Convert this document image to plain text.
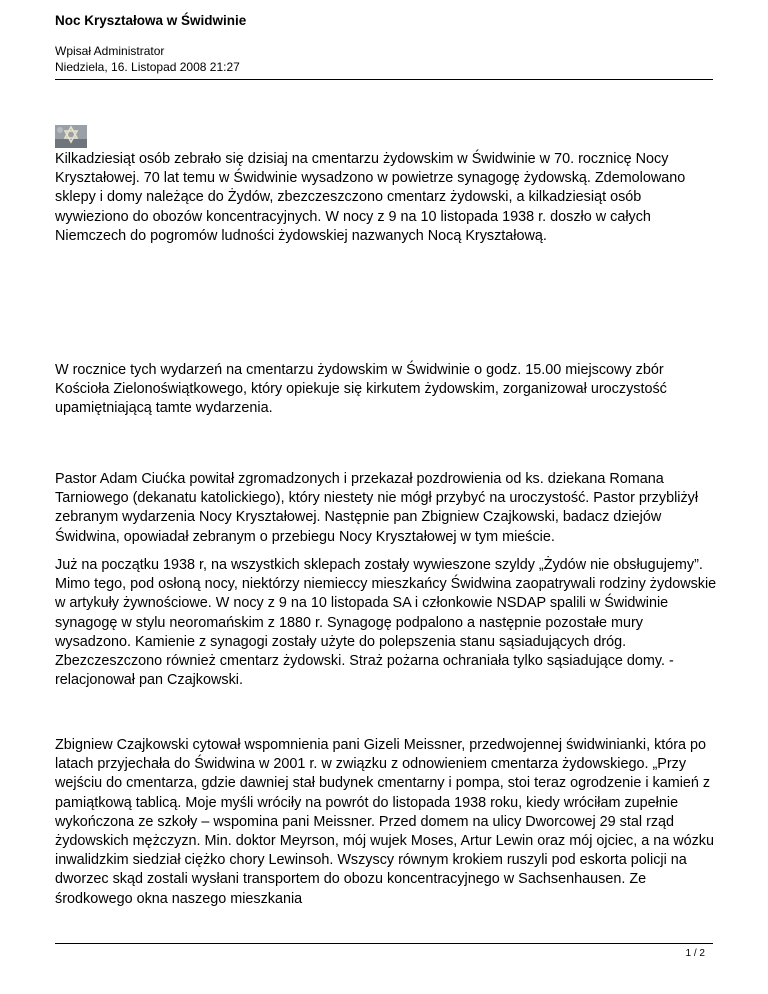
Noc Kryształowa w Świdwinie
Wpisał Administrator
Niedziela, 16. Listopad 2008 21:27

Kilkadziesiąt osób zebrało się dzisiaj na cmentarzu żydowskim w Świdwinie w 70. rocznicę Nocy Kryształowej. 70 lat temu w Świdwinie wysadzono w powietrze synagogę żydowską. Zdemolowano sklepy i domy należące do Żydów, zbezczeszczono cmentarz żydowski, a kilkadziesiąt osób wywieziono do obozów koncentracyjnych. W nocy z 9 na 10 listopada 1938 r. doszło w całych Niemczech do pogromów ludności żydowskiej nazwanych Nocą Kryształową.

W rocznice tych wydarzeń na cmentarzu żydowskim w Świdwinie o godz. 15.00 miejscowy zbór Kościoła Zielonoświątkowego, który opiekuje się kirkutem żydowskim, zorganizował uroczystość upamiętniającą tamte wydarzenia.

Pastor Adam Ciućka powitał zgromadzonych i przekazał pozdrowienia od ks. dziekana Romana Tarniowego (dekanatu katolickiego), który niestety nie mógł przybyć na uroczystość. Pastor przybliżył zebranym wydarzenia Nocy Kryształowej. Następnie pan Zbigniew Czajkowski, badacz dziejów Świdwina, opowiadał zebranym o przebiegu Nocy Kryształowej w tym mieście.

Już na początku 1938 r, na wszystkich sklepach zostały wywieszone szyldy „Żydów nie obsługujemy”. Mimo tego, pod osłoną nocy, niektórzy niemieccy mieszkańcy Świdwina zaopatrywali rodziny żydowskie w artykuły żywnościowe. W nocy z 9 na 10 listopada SA i członkowie NSDAP spalili w Świdwinie synagogę w stylu neoromańskim z 1880 r. Synagogę podpalono a następnie pozostałe mury wysadzono. Kamienie z synagogi zostały użyte do polepszenia stanu sąsiadujących dróg. Zbezczeszczono również cmentarz żydowski. Straż pożarna ochraniała tylko sąsiadujące domy. - relacjonował pan Czajkowski.

Zbigniew Czajkowski cytował wspomnienia pani Gizeli Meissner, przedwojennej świdwinianki, która po latach przyjechała do Świdwina w 2001 r. w związku z odnowieniem cmentarza żydowskiego. „Przy wejściu do cmentarza, gdzie dawniej stał budynek cmentarny i pompa, stoi teraz ogrodzenie i kamień z pamiątkową tablicą. Moje myśli wróciły na powrót do listopada 1938 roku, kiedy wróciłam zupełnie wykończona ze szkoły – wspomina pani Meissner. Przed domem na ulicy Dworcowej 29 stal rząd żydowskich mężczyzn. Min. doktor Meyrson, mój wujek Moses, Artur Lewin oraz mój ojciec, a na wózku inwalidzkim siedział ciężko chory Lewinsoh. Wszyscy równym krokiem ruszyli pod eskorta policji na dworzec skąd zostali wysłani transportem do obozu koncentracyjnego w Sachsenhausen. Ze środkowego okna naszego mieszkania

1 / 2
